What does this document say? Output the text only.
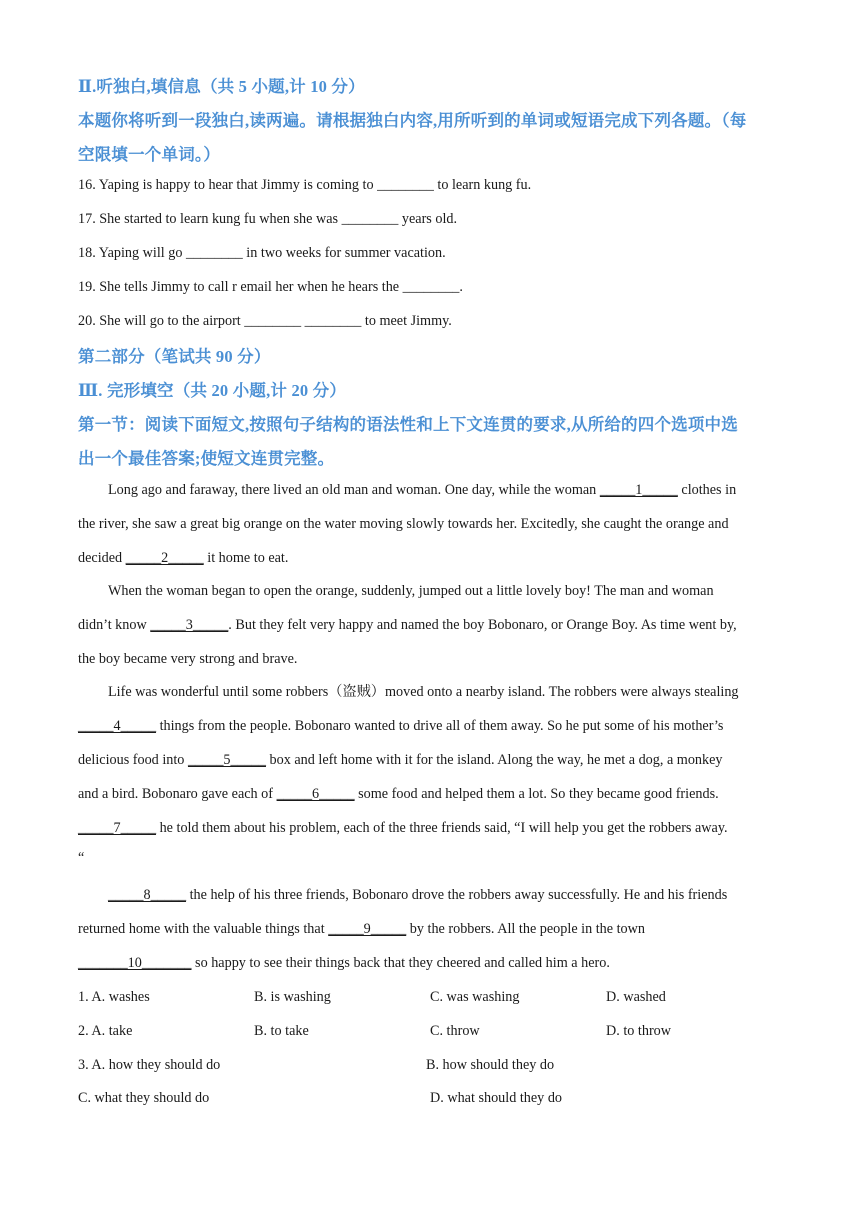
Ⅱ.听独白,填信息（共 5 小题,计 10 分）
本题你将听到一段独白,读两遍。请根据独白内容,用所听到的单词或短语完成下列各题。（每
空限填一个单词。）
16. Yaping is happy to hear that Jimmy is coming to ________ to learn kung fu.
17. She started to learn kung fu when she was ________ years old.
18. Yaping will go ________ in two weeks for summer vacation.
19. She tells Jimmy to call r email her when he hears the ________.
20. She will go to the airport ________ ________ to meet Jimmy.
第二部分（笔试共 90 分）
Ⅲ. 完形填空（共 20 小题,计 20 分）
第一节：阅读下面短文,按照句子结构的语法性和上下文连贯的要求,从所给的四个选项中选
出一个最佳答案;使短文连贯完整。
Long ago and faraway, there lived an old man and woman. One day, while the woman _____1_____ clothes in
the river, she saw a great big orange on the water moving slowly towards her. Excitedly, she caught the orange and
decided _____2_____ it home to eat.
When the woman began to open the orange, suddenly, jumped out a little lovely boy! The man and woman
didn’t know _____3_____. But they felt very happy and named the boy Bobonaro, or Orange Boy. As time went by,
the boy became very strong and brave.
Life was wonderful until some robbers（盗贼）moved onto a nearby island. The robbers were always stealing
_____4_____ things from the people. Bobonaro wanted to drive all of them away. So he put some of his mother’s
delicious food into _____5_____ box and left home with it for the island. Along the way, he met a dog, a monkey
and a bird. Bobonaro gave each of _____6_____ some food and helped them a lot. So they became good friends.
_____7_____ he told them about his problem, each of the three friends said, “I will help you get the robbers away.
“
_____8_____ the help of his three friends, Bobonaro drove the robbers away successfully. He and his friends
returned home with the valuable things that _____9_____ by the robbers. All the people in the town
_______10_______ so happy to see their things back that they cheered and called him a hero.
1. A. washes	B. is washing	C. was washing	D. washed
2. A. take	B. to take	C. throw	D. to throw
3. A. how they should do	B. how should they do
C. what they should do	D. what should they do
